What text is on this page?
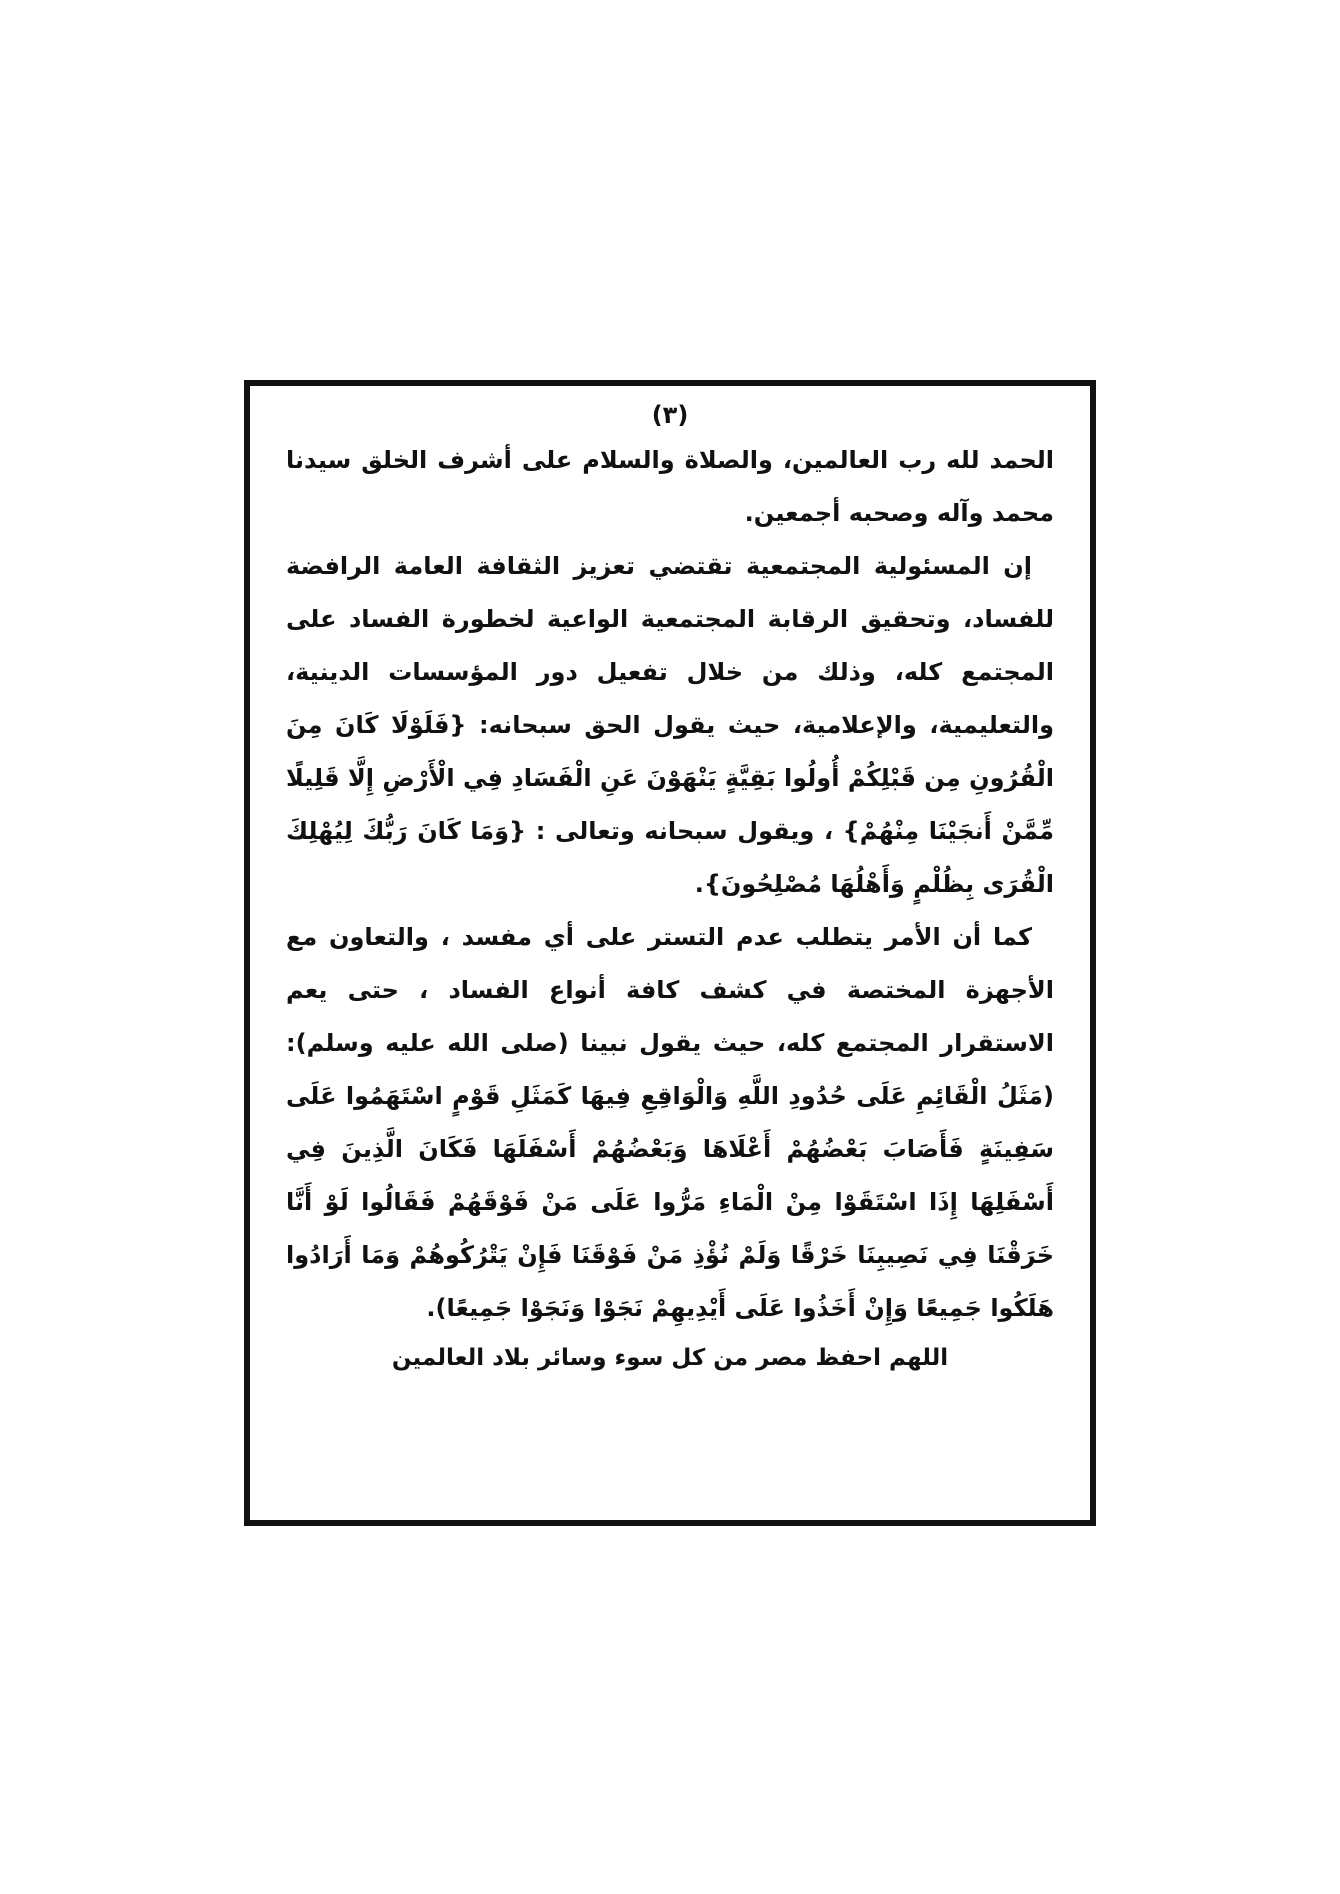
(٣)

الحمد لله رب العالمين، والصلاة والسلام على أشرف الخلق سيدنا محمد وآله وصحبه أجمعين.

إن المسئولية المجتمعية تقتضي تعزيز الثقافة العامة الرافضة للفساد، وتحقيق الرقابة المجتمعية الواعية لخطورة الفساد على المجتمع كله، وذلك من خلال تفعيل دور المؤسسات الدينية، والتعليمية، والإعلامية، حيث يقول الحق سبحانه: {فَلَوْلَا كَانَ مِنَ الْقُرُونِ مِن قَبْلِكُمْ أُولُوا بَقِيَّةٍ يَنْهَوْنَ عَنِ الْفَسَادِ فِي الْأَرْضِ إِلَّا قَلِيلًا مِّمَّنْ أَنجَيْنَا مِنْهُمْ} ، ويقول سبحانه وتعالى : {وَمَا كَانَ رَبُّكَ لِيُهْلِكَ الْقُرَى بِظُلْمٍ وَأَهْلُهَا مُصْلِحُونَ}.

كما أن الأمر يتطلب عدم التستر على أي مفسد ، والتعاون مع الأجهزة المختصة في كشف كافة أنواع الفساد ، حتى يعم الاستقرار المجتمع كله، حيث يقول نبينا (صلى الله عليه وسلم): (مَثَلُ الْقَائِمِ عَلَى حُدُودِ اللَّهِ وَالْوَاقِعِ فِيهَا كَمَثَلِ قَوْمٍ اسْتَهَمُوا عَلَى سَفِينَةٍ فَأَصَابَ بَعْضُهُمْ أَعْلَاهَا وَبَعْضُهُمْ أَسْفَلَهَا فَكَانَ الَّذِينَ فِي أَسْفَلِهَا إِذَا اسْتَقَوْا مِنْ الْمَاءِ مَرُّوا عَلَى مَنْ فَوْقَهُمْ فَقَالُوا لَوْ أَنَّا خَرَقْنَا فِي نَصِيبِنَا خَرْقًا وَلَمْ نُؤْذِ مَنْ فَوْقَنَا فَإِنْ يَتْرُكُوهُمْ وَمَا أَرَادُوا هَلَكُوا جَمِيعًا وَإِنْ أَخَذُوا عَلَى أَيْدِيهِمْ نَجَوْا وَنَجَوْا جَمِيعًا).

اللهم احفظ مصر من كل سوء وسائر بلاد العالمين
